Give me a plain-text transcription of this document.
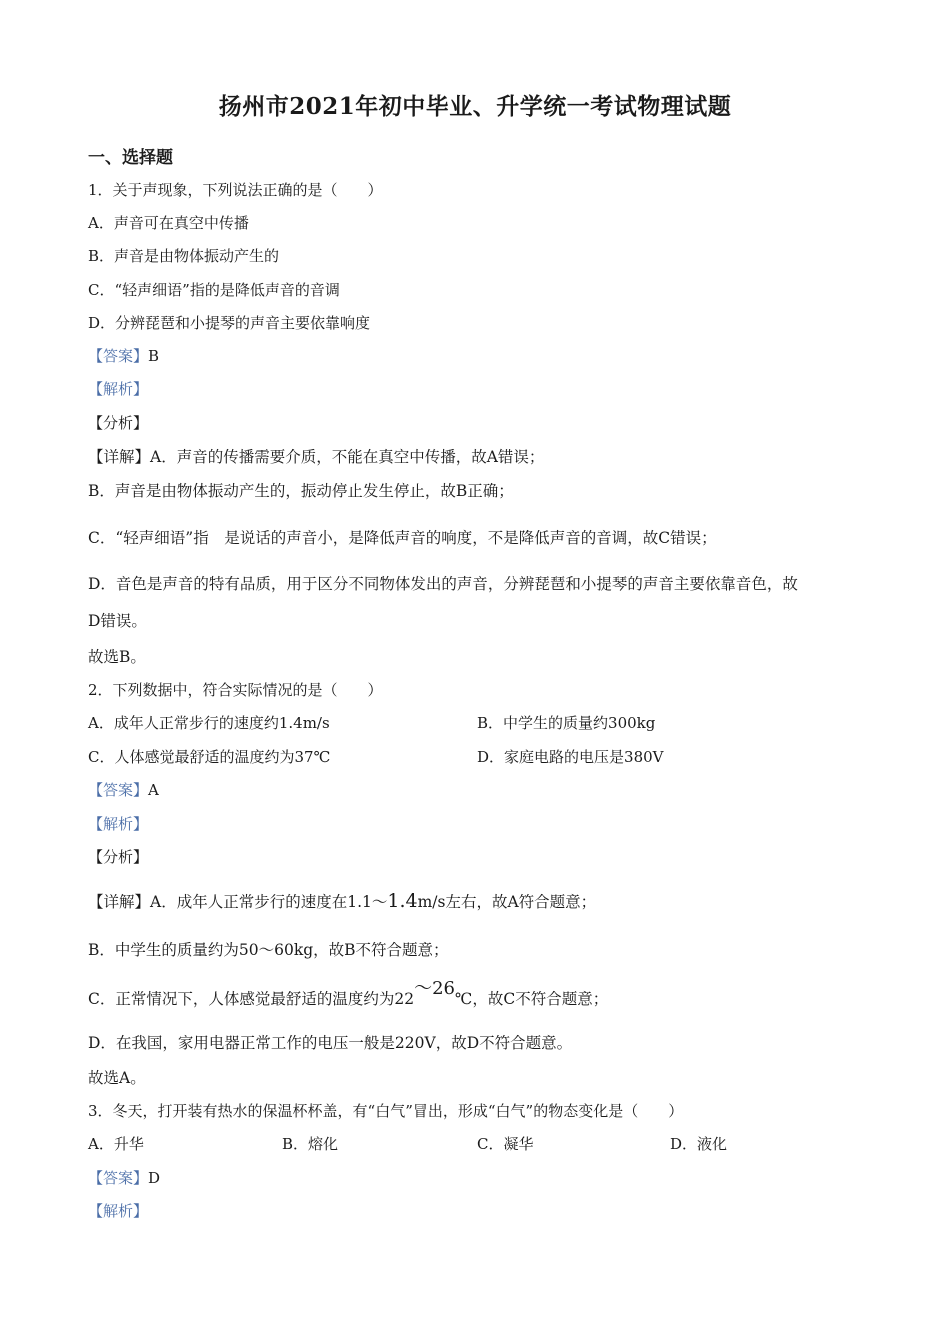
扬州市2021年初中毕业、升学统一考试物理试题
一、选择题
1．关于声现象，下列说法正确的是（　　）
A．声音可在真空中传播
B．声音是由物体振动产生的
C．“轻声细语”指的是降低声音的音调
D．分辨琵琶和小提琴的声音主要依靠响度
【答案】B
【解析】
【分析】
【详解】A．声音的传播需要介质，不能在真空中传播，故A错误；
B．声音是由物体振动产生的，振动停止发生停止，故B正确；
C．“轻声细语”指　是说话的声音小，是降低声音的响度，不是降低声音的音调，故C错误；
D．音色是声音的特有品质，用于区分不同物体发出的声音，分辨琵琶和小提琴的声音主要依靠音色，故
D错误。
故选B。
2．下列数据中，符合实际情况的是（　　）
A．成年人正常步行的速度约1.4m/s	B．中学生的质量约300kg
C．人体感觉最舒适的温度约为37℃	D．家庭电路的电压是380V
【答案】A
【解析】
【分析】
【详解】A．成年人正常步行的速度在1.1～1.4m/s左右，故A符合题意；
B．中学生的质量约为50～60kg，故B不符合题意；
C．正常情况下，人体感觉最舒适的温度约为22～26℃，故C不符合题意；
D．在我国，家用电器正常工作的电压一般是220V，故D不符合题意。
故选A。
3．冬天，打开装有热水的保温杯杯盖，有“白气”冒出，形成“白气”的物态变化是（　　）
A．升华	B．熔化	C．凝华	D．液化
【答案】D
【解析】
